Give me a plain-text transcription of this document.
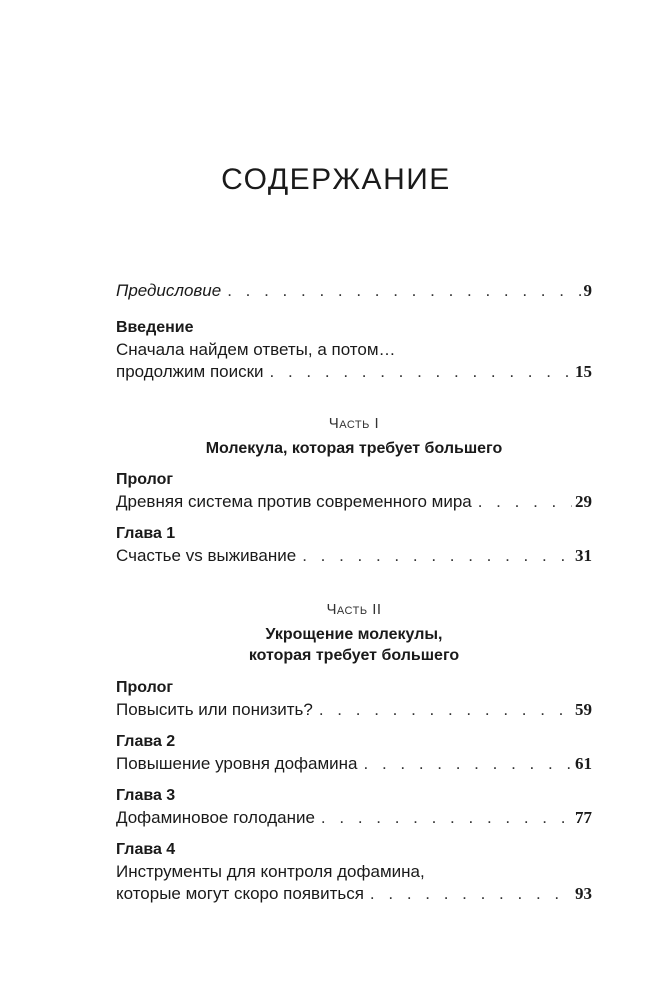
СОДЕРЖАНИЕ
Предисловие . . .	9
Введение
Сначала найдем ответы, а потом…
продолжим поиски . . .	15
Часть I
Молекула, которая требует большего
Пролог
Древняя система против современного мира . . .	29
Глава 1
Счастье vs выживание . . .	31
Часть II
Укрощение молекулы,
которая требует большего
Пролог
Повысить или понизить? . . .	59
Глава 2
Повышение уровня дофамина . . .	61
Глава 3
Дофаминовое голодание . . .	77
Глава 4
Инструменты для контроля дофамина,
которые могут скоро появиться . . .	93
